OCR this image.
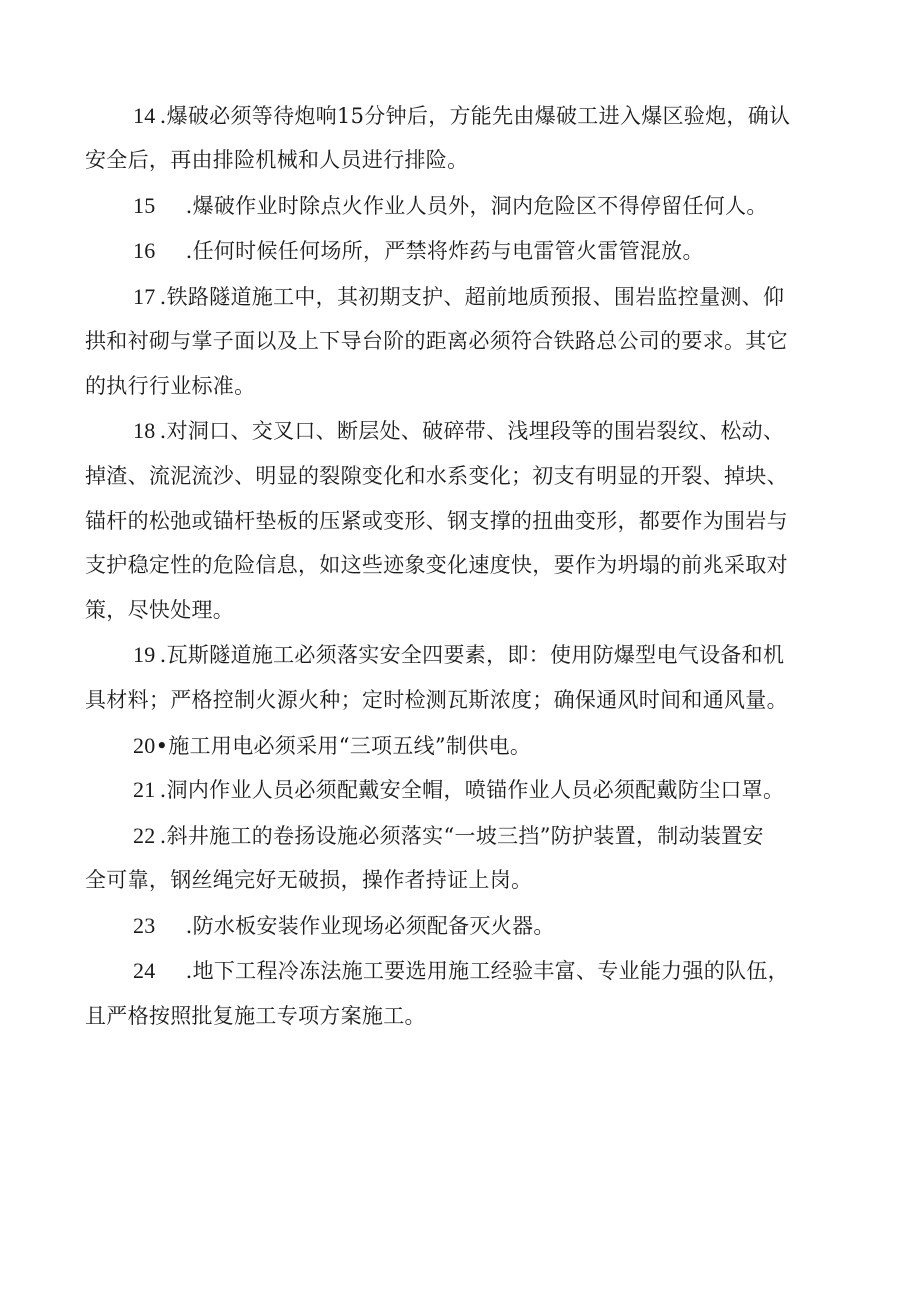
14 .爆破必须等待炮响15分钟后，方能先由爆破工进入爆区验炮，确认
安全后，再由排险机械和人员进行排险。
15 .爆破作业时除点火作业人员外，洞内危险区不得停留任何人。
16 .任何时候任何场所，严禁将炸药与电雷管火雷管混放。
17 .铁路隧道施工中，其初期支护、超前地质预报、围岩监控量测、仰
拱和衬砌与掌子面以及上下导台阶的距离必须符合铁路总公司的要求。其它
的执行行业标准。
18 .对洞口、交叉口、断层处、破碎带、浅埋段等的围岩裂纹、松动、
掉渣、流泥流沙、明显的裂隙变化和水系变化；初支有明显的开裂、掉块、
锚杆的松弛或锚杆垫板的压紧或变形、钢支撑的扭曲变形，都要作为围岩与
支护稳定性的危险信息，如这些迹象变化速度快，要作为坍塌的前兆采取对
策，尽快处理。
19 .瓦斯隧道施工必须落实安全四要素，即：使用防爆型电气设备和机
具材料；严格控制火源火种；定时检测瓦斯浓度；确保通风时间和通风量。
20•施工用电必须采用“三项五线”制供电。
21 .洞内作业人员必须配戴安全帽，喷锚作业人员必须配戴防尘口罩。
22 .斜井施工的卷扬设施必须落实“一坡三挡”防护装置，制动装置安
全可靠，钢丝绳完好无破损，操作者持证上岗。
23 .防水板安装作业现场必须配备灭火器。
24 .地下工程冷冻法施工要选用施工经验丰富、专业能力强的队伍，
且严格按照批复施工专项方案施工。
